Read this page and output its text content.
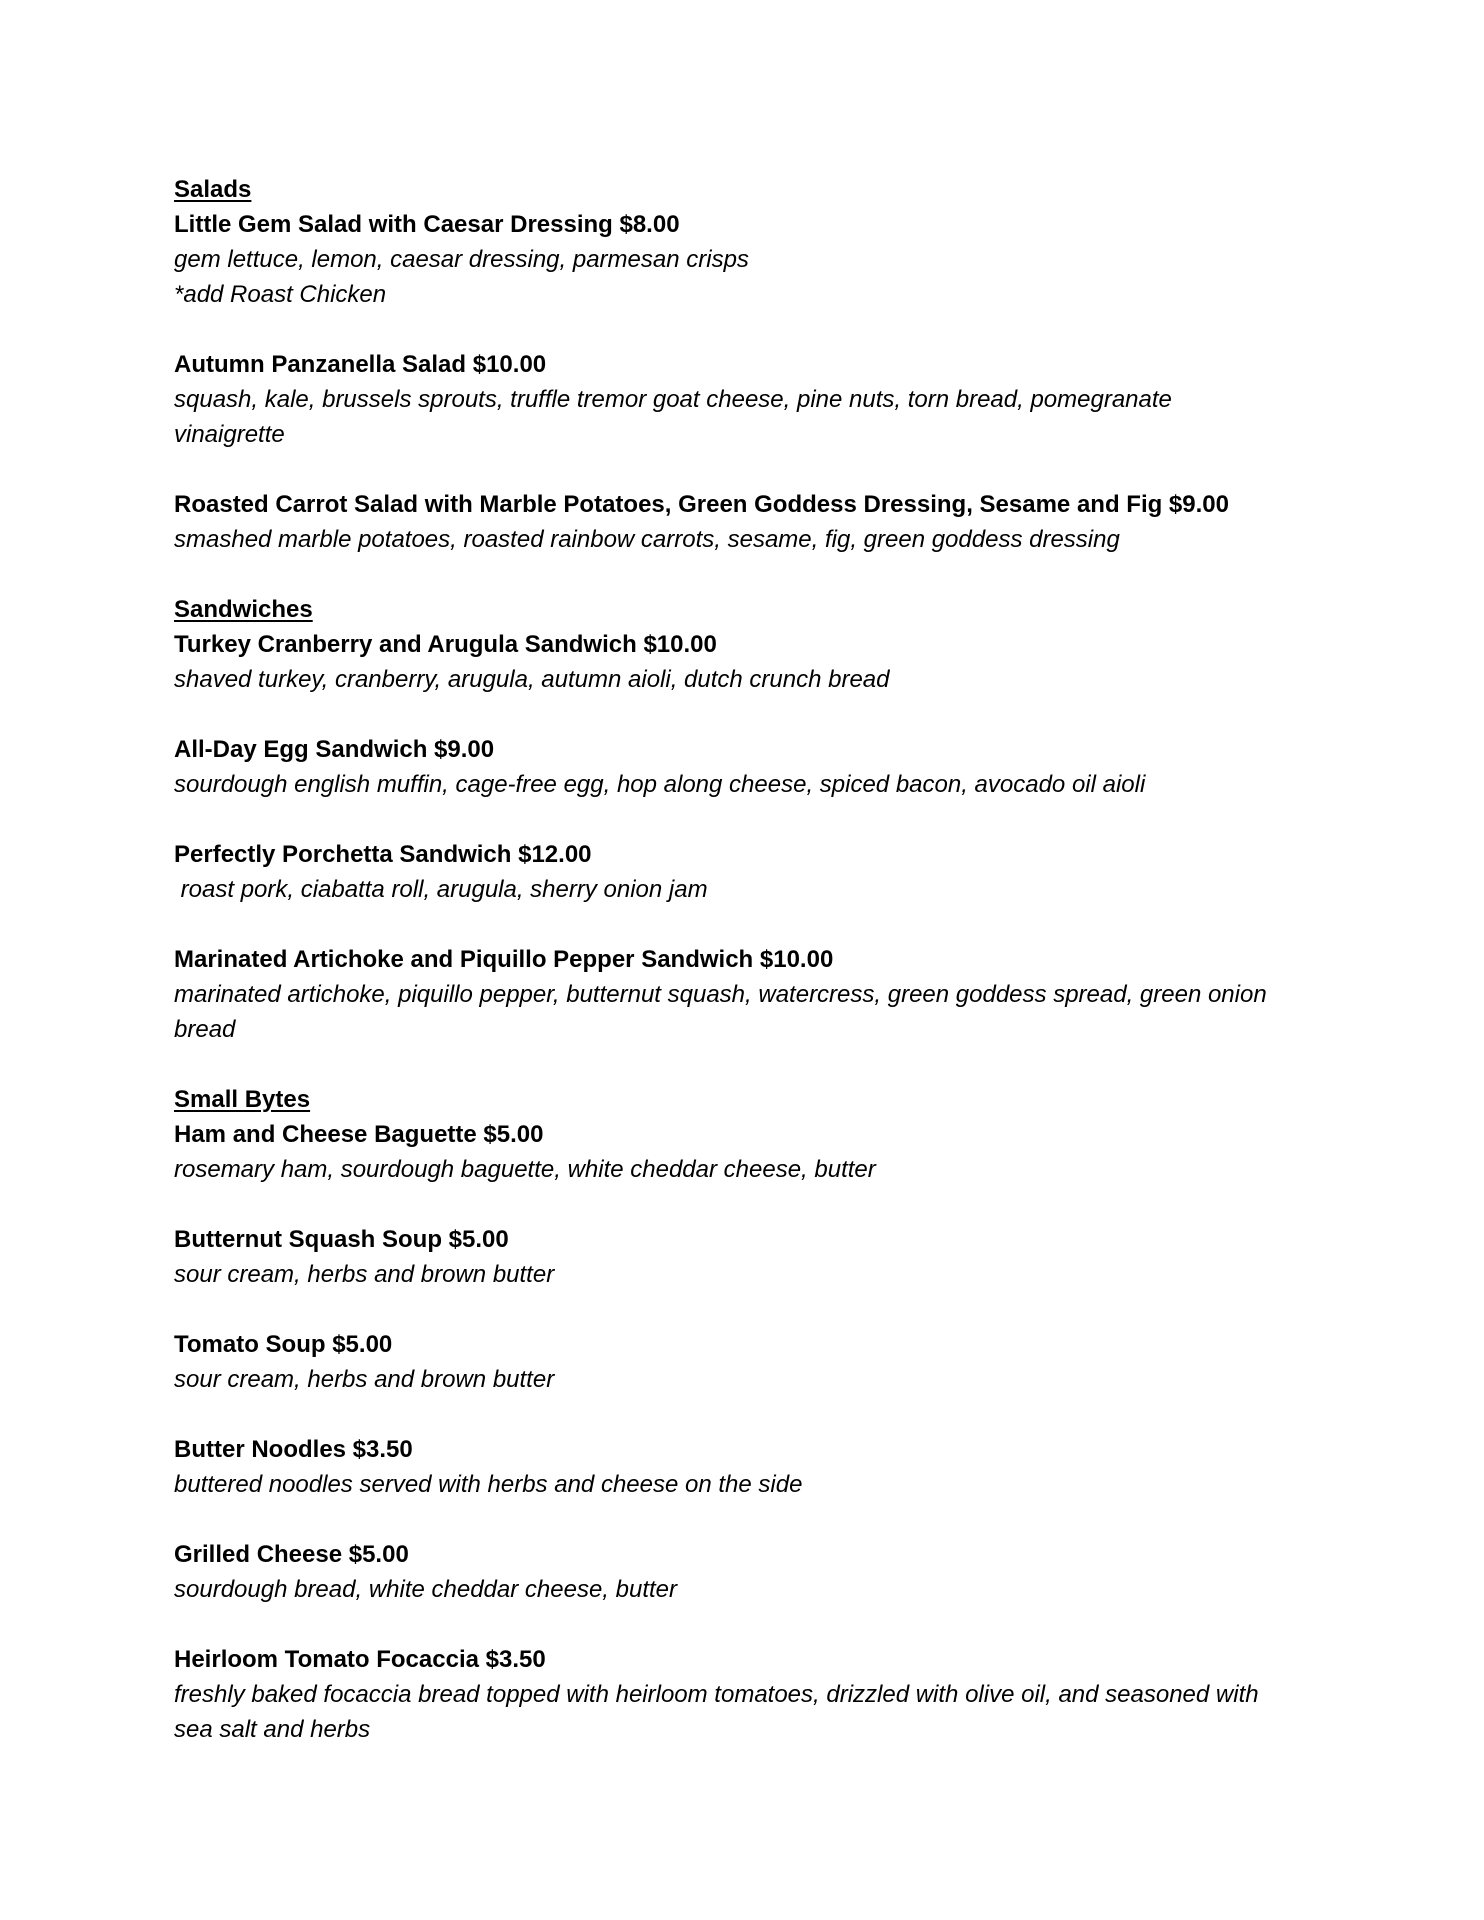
Salads
Little Gem Salad with Caesar Dressing $8.00
gem lettuce, lemon, caesar dressing, parmesan crisps
*add Roast Chicken
Autumn Panzanella Salad $10.00
squash, kale, brussels sprouts, truffle tremor goat cheese, pine nuts, torn bread, pomegranate
vinaigrette
Roasted Carrot Salad with Marble Potatoes, Green Goddess Dressing, Sesame and Fig $9.00
smashed marble potatoes, roasted rainbow carrots, sesame, fig, green goddess dressing
Sandwiches
Turkey Cranberry and Arugula Sandwich $10.00
shaved turkey, cranberry, arugula, autumn aioli, dutch crunch bread
All-Day Egg Sandwich $9.00
sourdough english muffin, cage-free egg, hop along cheese, spiced bacon, avocado oil aioli
Perfectly Porchetta Sandwich $12.00
roast pork, ciabatta roll, arugula, sherry onion jam
Marinated Artichoke and Piquillo Pepper Sandwich $10.00
marinated artichoke, piquillo pepper, butternut squash, watercress, green goddess spread, green onion
bread
Small Bytes
Ham and Cheese Baguette $5.00
rosemary ham, sourdough baguette, white cheddar cheese, butter
Butternut Squash Soup $5.00
sour cream, herbs and brown butter
Tomato Soup $5.00
sour cream, herbs and brown butter
Butter Noodles $3.50
buttered noodles served with herbs and cheese on the side
Grilled Cheese $5.00
sourdough bread, white cheddar cheese, butter
Heirloom Tomato Focaccia $3.50
freshly baked focaccia bread topped with heirloom tomatoes, drizzled with olive oil, and seasoned with
sea salt and herbs
